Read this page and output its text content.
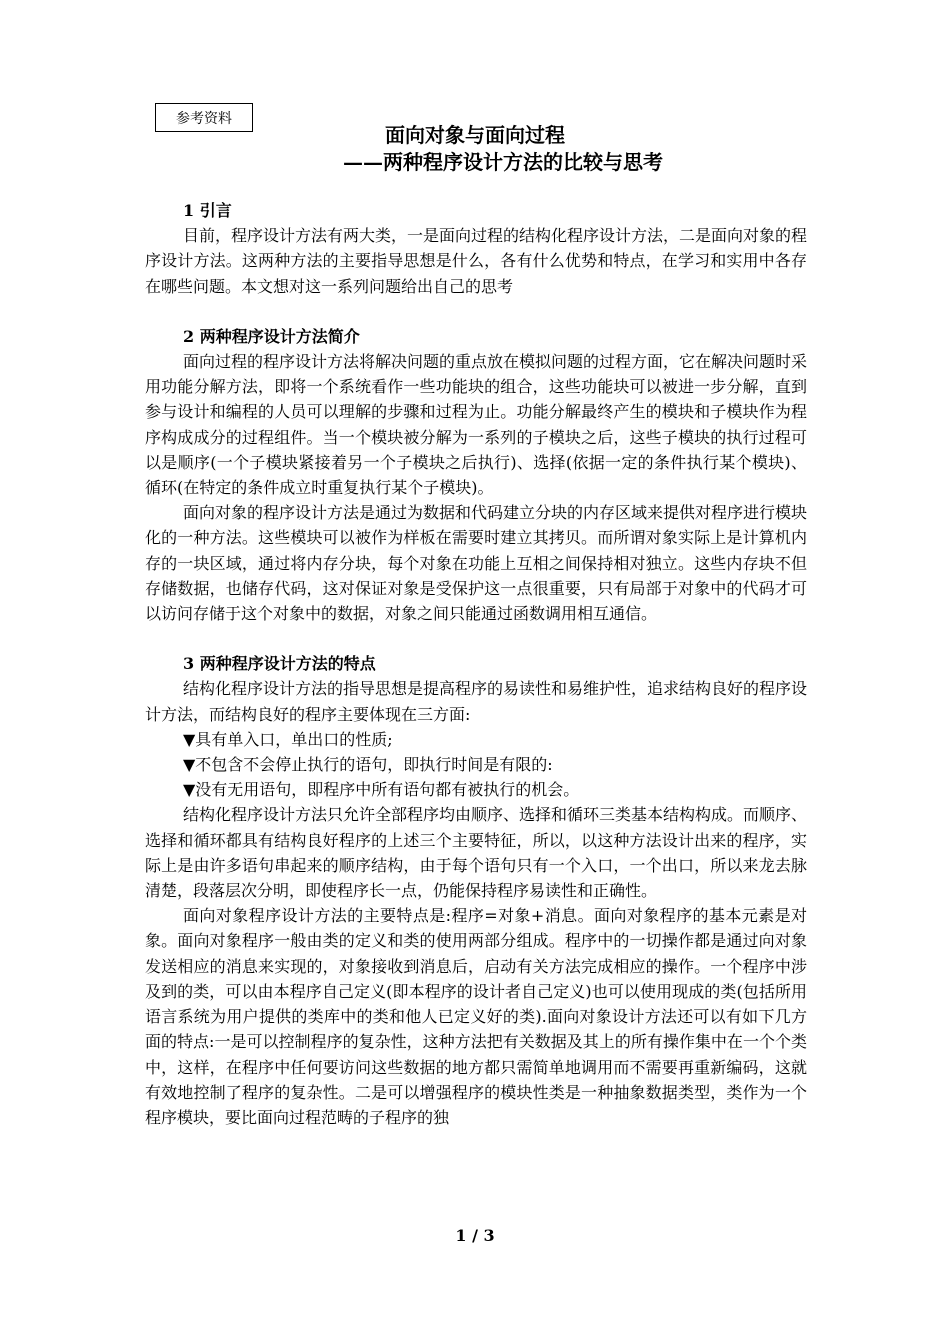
参考资料
面向对象与面向过程
——两种程序设计方法的比较与思考

1 引言

目前，程序设计方法有两大类，一是面向过程的结构化程序设计方法，二是面向对象的程序设计方法。这两种方法的主要指导思想是什么，各有什么优势和特点，在学习和实用中各存在哪些问题。本文想对这一系列问题给出自己的思考

2 两种程序设计方法简介

面向过程的程序设计方法将解决问题的重点放在模拟问题的过程方面，它在解决问题时采用功能分解方法，即将一个系统看作一些功能块的组合，这些功能块可以被进一步分解，直到参与设计和编程的人员可以理解的步骤和过程为止。功能分解最终产生的模块和子模块作为程序构成成分的过程组件。当一个模块被分解为一系列的子模块之后，这些子模块的执行过程可以是顺序(一个子模块紧接着另一个子模块之后执行)、选择(依据一定的条件执行某个模块)、循环(在特定的条件成立时重复执行某个子模块)。

面向对象的程序设计方法是通过为数据和代码建立分块的内存区域来提供对程序进行模块化的一种方法。这些模块可以被作为样板在需要时建立其拷贝。而所谓对象实际上是计算机内存的一块区域，通过将内存分块，每个对象在功能上互相之间保持相对独立。这些内存块不但存储数据，也储存代码，这对保证对象是受保护这一点很重要，只有局部于对象中的代码才可以访问存储于这个对象中的数据，对象之间只能通过函数调用相互通信。

3 两种程序设计方法的特点

结构化程序设计方法的指导思想是提高程序的易读性和易维护性，追求结构良好的程序设计方法，而结构良好的程序主要体现在三方面:

▼具有单入口，单出口的性质;

▼不包含不会停止执行的语句，即执行时间是有限的:

▼没有无用语句，即程序中所有语句都有被执行的机会。

结构化程序设计方法只允许全部程序均由顺序、选择和循环三类基本结构构成。而顺序、选择和循环都具有结构良好程序的上述三个主要特征，所以，以这种方法设计出来的程序，实际上是由许多语句串起来的顺序结构，由于每个语句只有一个入口，一个出口，所以来龙去脉清楚，段落层次分明，即使程序长一点，仍能保持程序易读性和正确性。

面向对象程序设计方法的主要特点是:程序=对象+消息。面向对象程序的基本元素是对象。面向对象程序一般由类的定义和类的使用两部分组成。程序中的一切操作都是通过向对象发送相应的消息来实现的，对象接收到消息后，启动有关方法完成相应的操作。一个程序中涉及到的类，可以由本程序自己定义(即本程序的设计者自己定义)也可以使用现成的类(包括所用语言系统为用户提供的类库中的类和他人已定义好的类).面向对象设计方法还可以有如下几方面的特点:一是可以控制程序的复杂性，这种方法把有关数据及其上的所有操作集中在一个个类中，这样，在程序中任何要访问这些数据的地方都只需简单地调用而不需要再重新编码，这就有效地控制了程序的复杂性。二是可以增强程序的模块性类是一种抽象数据类型，类作为一个程序模块，要比面向过程范畴的子程序的独

1 / 3
